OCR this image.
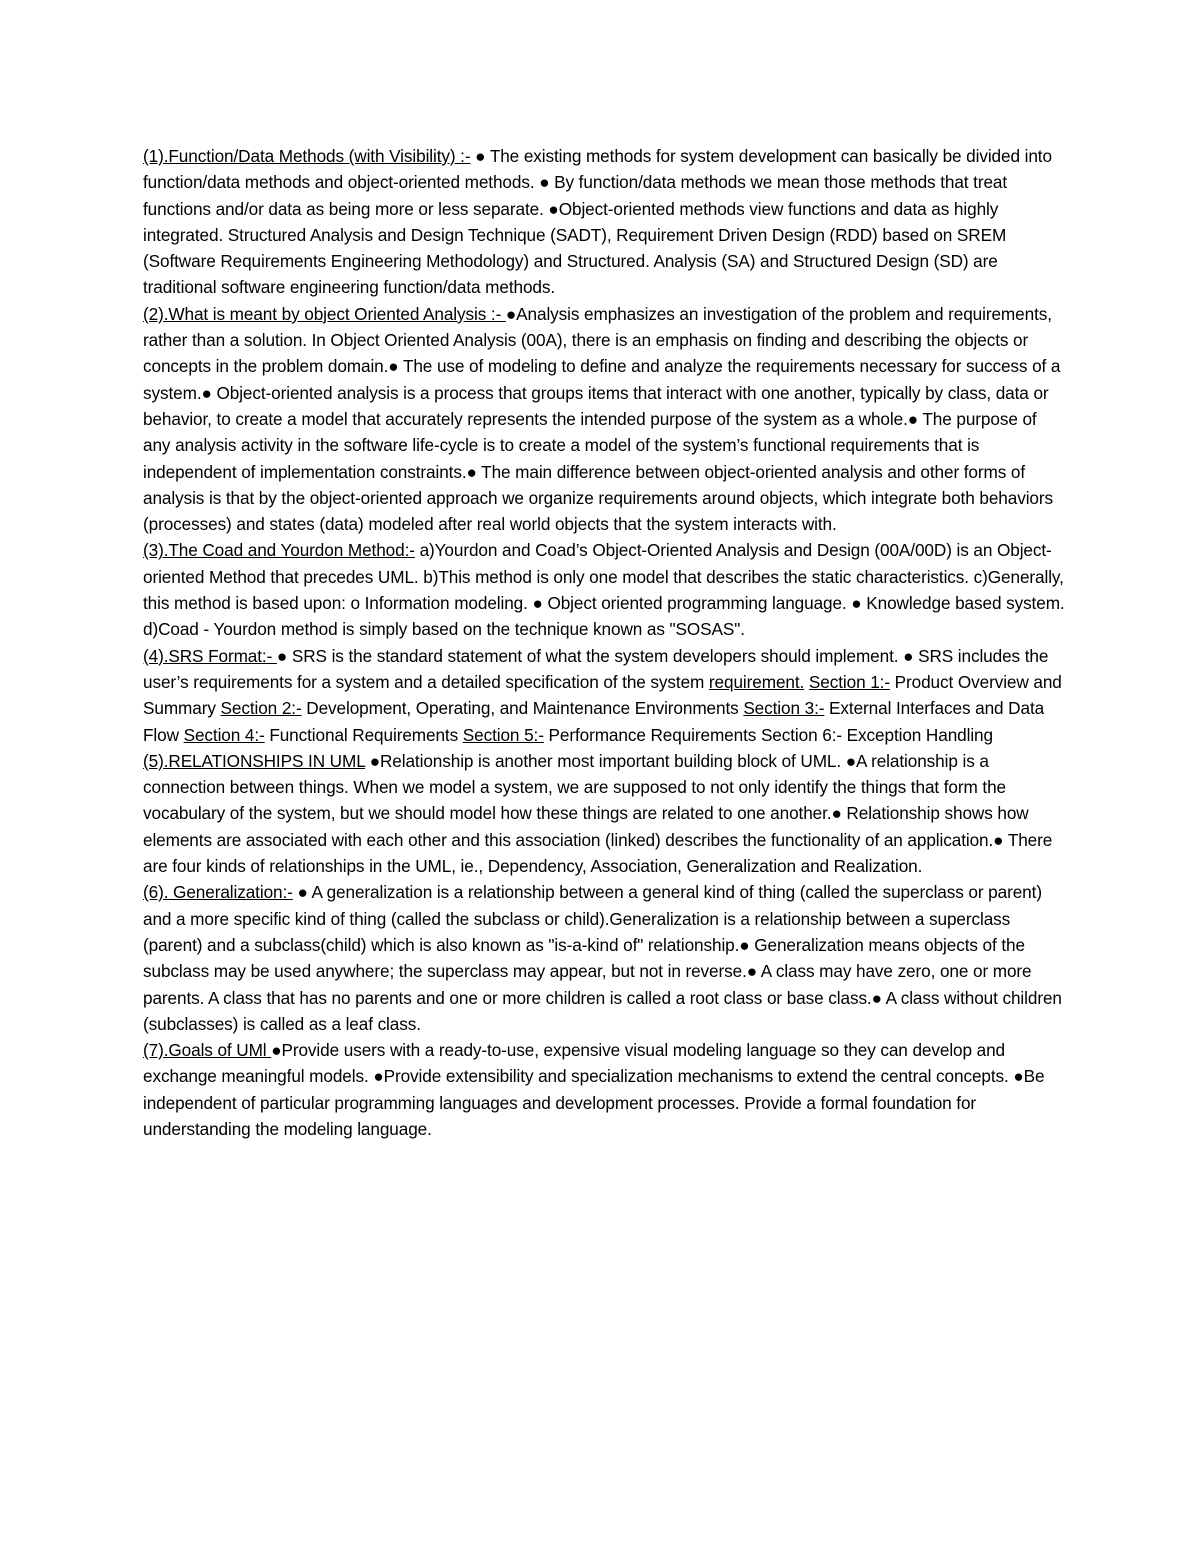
(1).Function/Data Methods (with Visibility) :- ● The existing methods for system development can basically be divided into function/data methods and object-oriented methods. ● By function/data methods we mean those methods that treat functions and/or data as being more or less separate. ●Object-oriented methods view functions and data as highly integrated. Structured Analysis and Design Technique (SADT), Requirement Driven Design (RDD) based on SREM (Software Requirements Engineering Methodology) and Structured. Analysis (SA) and Structured Design (SD) are traditional software engineering function/data methods.

(2).What is meant by object Oriented Analysis :- ●Analysis emphasizes an investigation of the problem and requirements, rather than a solution. In Object Oriented Analysis (00A), there is an emphasis on finding and describing the objects or concepts in the problem domain.● The use of modeling to define and analyze the requirements necessary for success of a system.● Object-oriented analysis is a process that groups items that interact with one another, typically by class, data or behavior, to create a model that accurately represents the intended purpose of the system as a whole.● The purpose of any analysis activity in the software life-cycle is to create a model of the system’s functional requirements that is independent of implementation constraints.● The main difference between object-oriented analysis and other forms of analysis is that by the object-oriented approach we organize requirements around objects, which integrate both behaviors (processes) and states (data) modeled after real world objects that the system interacts with.

(3).The Coad and Yourdon Method:- a)Yourdon and Coad’s Object-Oriented Analysis and Design (00A/00D) is an Object-oriented Method that precedes UML. b)This method is only one model that describes the static characteristics. c)Generally, this method is based upon: o Information modeling. ● Object oriented programming language. ● Knowledge based system. d)Coad - Yourdon method is simply based on the technique known as "SOSAS".

(4).SRS Format:- ● SRS is the standard statement of what the system developers should implement. ● SRS includes the user’s requirements for a system and a detailed specification of the system requirement. Section 1:- Product Overview and Summary Section 2:- Development, Operating, and Maintenance Environments Section 3:- External Interfaces and Data Flow Section 4:- Functional Requirements Section 5:- Performance Requirements Section 6:- Exception Handling

(5).RELATIONSHIPS IN UML ●Relationship is another most important building block of UML. ●A relationship is a connection between things. When we model a system, we are supposed to not only identify the things that form the vocabulary of the system, but we should model how these things are related to one another.● Relationship shows how elements are associated with each other and this association (linked) describes the functionality of an application.● There are four kinds of relationships in the UML, ie., Dependency, Association, Generalization and Realization.

(6). Generalization:- ● A generalization is a relationship between a general kind of thing (called the superclass or parent) and a more specific kind of thing (called the subclass or child).Generalization is a relationship between a superclass (parent) and a subclass(child) which is also known as "is-a-kind of" relationship.● Generalization means objects of the subclass may be used anywhere; the superclass may appear, but not in reverse.● A class may have zero, one or more parents. A class that has no parents and one or more children is called a root class or base class.● A class without children (subclasses) is called as a leaf class.

(7).Goals of UMl ●Provide users with a ready-to-use, expensive visual modeling language so they can develop and exchange meaningful models. ●Provide extensibility and specialization mechanisms to extend the central concepts. ●Be independent of particular programming languages and development processes. Provide a formal foundation for understanding the modeling language.
